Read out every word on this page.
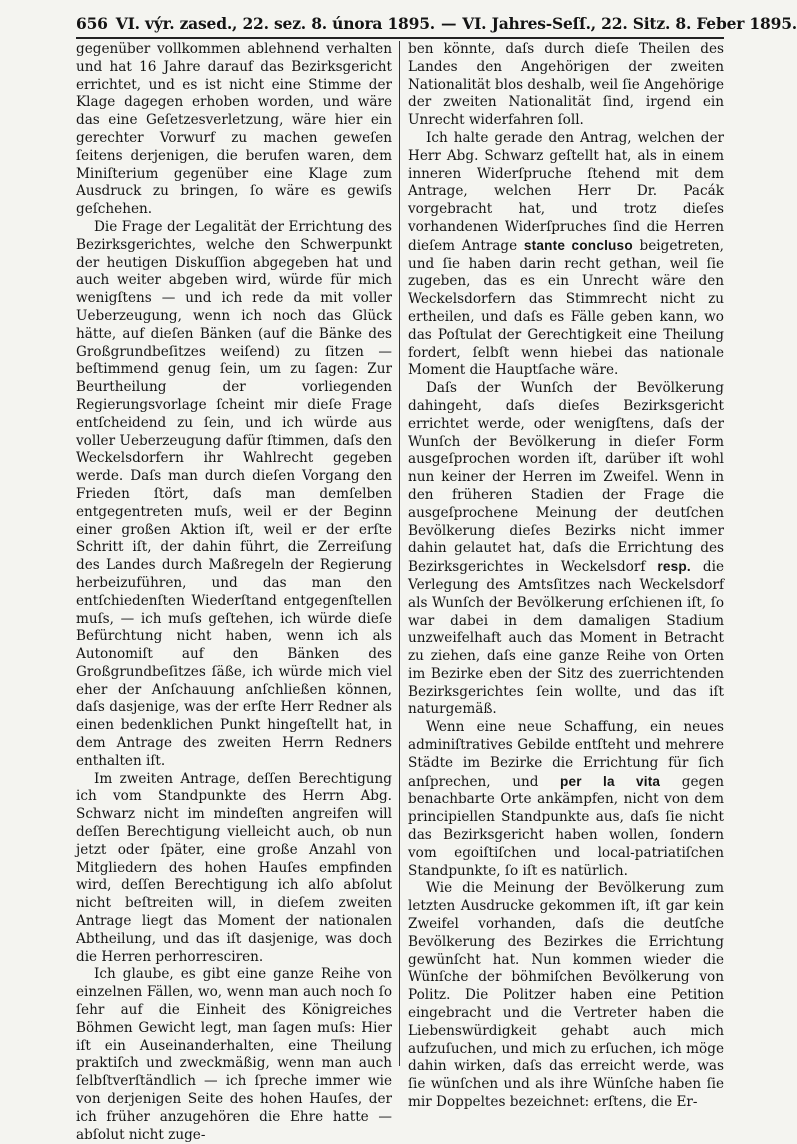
656 VI. výr. zased., 22. sez. 8. února 1895. — VI. Jahres-Seſſ., 22. Sitz. 8. Feber 1895.

gegenüber vollkommen ablehnend verhalten und hat 16 Jahre darauf das Bezirksgericht errichtet, und es ist nicht eine Stimme der Klage dagegen erhoben worden, und wäre das eine Geſetzesverletzung, wäre hier ein gerechter Vorwurf zu machen geweſen ſeitens derjenigen, die berufen waren, dem Miniſterium gegenüber eine Klage zum Ausdruck zu bringen, ſo wäre es gewiſs geſchehen.

Die Frage der Legalität der Errichtung des Bezirksgerichtes, welche den Schwerpunkt der heutigen Diskuſſion abgegeben hat und auch weiter abgeben wird, würde für mich wenigſtens — und ich rede da mit voller Ueberzeugung, wenn ich noch das Glück hätte, auf dieſen Bänken (auf die Bänke des Großgrundbeſitzes weiſend) zu ſitzen — beſtimmend genug ſein, um zu ſagen: Zur Beurtheilung der vorliegenden Regierungsvorlage ſcheint mir dieſe Frage entſcheidend zu ſein, und ich würde aus voller Ueberzeugung dafür ſtimmen, daſs den Weckelsdorfern ihr Wahlrecht gegeben werde. Daſs man durch dieſen Vorgang den Frieden ſtört, daſs man demſelben entgegentreten muſs, weil er der Beginn einer großen Aktion iſt, weil er der erſte Schritt iſt, der dahin führt, die Zerreiſung des Landes durch Maßregeln der Regierung herbeizuführen, und das man den entſchiedenſten Wiederſtand entgegenſtellen muſs, — ich muſs geſtehen, ich würde dieſe Befürchtung nicht haben, wenn ich als Autonomiſt auf den Bänken des Großgrundbeſitzes ſäße, ich würde mich viel eher der Anſchauung anſchließen können, daſs dasjenige, was der erſte Herr Redner als einen bedenklichen Punkt hingeſtellt hat, in dem Antrage des zweiten Herrn Redners enthalten iſt.

Im zweiten Antrage, deſſen Berechtigung ich vom Standpunkte des Herrn Abg. Schwarz nicht im mindeſten angreifen will deſſen Berechtigung vielleicht auch, ob nun jetzt oder ſpäter, eine große Anzahl von Mitgliedern des hohen Hauſes empfinden wird, deſſen Berechtigung ich alſo abſolut nicht beſtreiten will, in dieſem zweiten Antrage liegt das Moment der nationalen Abtheilung, und das iſt dasjenige, was doch die Herren perhorresciren.

Ich glaube, es gibt eine ganze Reihe von einzelnen Fällen, wo, wenn man auch noch ſo ſehr auf die Einheit des Königreiches Böhmen Gewicht legt, man ſagen muſs: Hier iſt ein Auseinanderhalten, eine Theilung praktiſch und zweckmäßig, wenn man auch ſelbſtverſtändlich — ich ſpreche immer wie von derjenigen Seite des hohen Hauſes, der ich früher anzugehören die Ehre hatte — abſolut nicht zuge-

ben könnte, daſs durch dieſe Theilen des Landes den Angehörigen der zweiten Nationalität blos deshalb, weil ſie Angehörige der zweiten Nationalität ſind, irgend ein Unrecht widerfahren ſoll.

Ich halte gerade den Antrag, welchen der Herr Abg. Schwarz geſtellt hat, als in einem inneren Widerſpruche ſtehend mit dem Antrage, welchen Herr Dr. Pacák vorgebracht hat, und trotz dieſes vorhandenen Widerſpruches ſind die Herren dieſem Antrage stante concluso beigetreten, und ſie haben darin recht gethan, weil ſie zugeben, das es ein Unrecht wäre den Weckelsdorfern das Stimmrecht nicht zu ertheilen, und daſs es Fälle geben kann, wo das Poſtulat der Gerechtigkeit eine Theilung fordert, ſelbſt wenn hiebei das nationale Moment die Hauptſache wäre.

Daſs der Wunſch der Bevölkerung dahingeht, daſs dieſes Bezirksgericht errichtet werde, oder wenigſtens, daſs der Wunſch der Bevölkerung in dieſer Form ausgeſprochen worden iſt, darüber iſt wohl nun keiner der Herren im Zweifel. Wenn in den früheren Stadien der Frage die ausgeſprochene Meinung der deutſchen Bevölkerung dieſes Bezirks nicht immer dahin gelautet hat, daſs die Errichtung des Bezirksgerichtes in Weckelsdorf resp. die Verlegung des Amtsſitzes nach Weckelsdorf als Wunſch der Bevölkerung erſchienen iſt, ſo war dabei in dem damaligen Stadium unzweifelhaft auch das Moment in Betracht zu ziehen, daſs eine ganze Reihe von Orten im Bezirke eben der Sitz des zuerrichtenden Bezirksgerichtes ſein wollte, und das iſt naturgemäß.

Wenn eine neue Schaffung, ein neues adminiſtratives Gebilde entſteht und mehrere Städte im Bezirke die Errichtung für ſich anſprechen, und per la vita gegen benachbarte Orte ankämpfen, nicht von dem principiellen Standpunkte aus, daſs ſie nicht das Bezirksgericht haben wollen, ſondern vom egoiſtiſchen und local-patriatiſchen Standpunkte, ſo iſt es natürlich.

Wie die Meinung der Bevölkerung zum letzten Ausdrucke gekommen iſt, iſt gar kein Zweifel vorhanden, daſs die deutſche Bevölkerung des Bezirkes die Errichtung gewünſcht hat. Nun kommen wieder die Wünſche der böhmiſchen Bevölkerung von Politz. Die Politzer haben eine Petition eingebracht und die Vertreter haben die Liebenswürdigkeit gehabt auch mich aufzuſuchen, und mich zu erſuchen, ich möge dahin wirken, daſs das erreicht werde, was ſie wünſchen und als ihre Wünſche haben ſie mir Doppeltes bezeichnet: erſtens, die Er-
